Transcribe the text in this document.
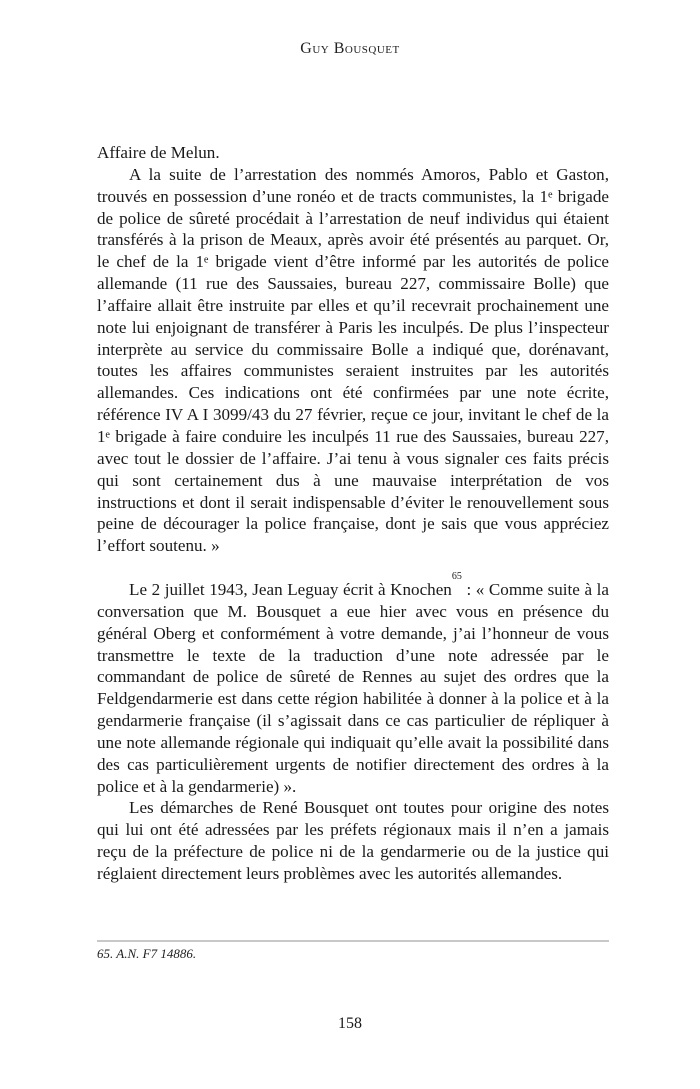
Guy Bousquet

Affaire de Melun.

A la suite de l’arrestation des nommés Amoros, Pablo et Gaston, trouvés en possession d’une ronéo et de tracts communistes, la 1ᵉ brigade de police de sûreté procédait à l’arrestation de neuf individus qui étaient transférés à la prison de Meaux, après avoir été présentés au parquet. Or, le chef de la 1ᵉ brigade vient d’être informé par les autorités de police allemande (11 rue des Saussaies, bureau 227, commissaire Bolle) que l’affaire allait être instruite par elles et qu’il recevrait prochainement une note lui enjoignant de transférer à Paris les inculpés. De plus l’inspecteur interprète au service du commissaire Bolle a indiqué que, dorénavant, toutes les affaires communistes seraient instruites par les autorités allemandes. Ces indications ont été confirmées par une note écrite, référence IV A I 3099/43 du 27 février, reçue ce jour, invitant le chef de la 1ᵉ brigade à faire conduire les inculpés 11 rue des Saussaies, bureau 227, avec tout le dossier de l’affaire. J’ai tenu à vous signaler ces faits précis qui sont certainement dus à une mauvaise interprétation de vos instructions et dont il serait indispensable d’éviter le renouvellement sous peine de décourager la police française, dont je sais que vous appréciez l’effort soutenu. »

Le 2 juillet 1943, Jean Leguay écrit à Knochen$^{65}$ : « Comme suite à la conversation que M. Bousquet a eue hier avec vous en présence du général Oberg et conformément à votre demande, j’ai l’honneur de vous transmettre le texte de la traduction d’une note adressée par le commandant de police de sûreté de Rennes au sujet des ordres que la Feldgendarmerie est dans cette région habilitée à donner à la police et à la gendarmerie française (il s’agissait dans ce cas particulier de répliquer à une note allemande régionale qui indiquait qu’elle avait la possibilité dans des cas particulièrement urgents de notifier directement des ordres à la police et à la gendarmerie) ».

Les démarches de René Bousquet ont toutes pour origine des notes qui lui ont été adressées par les préfets régionaux mais il n’en a jamais reçu de la préfecture de police ni de la gendarmerie ou de la justice qui réglaient directement leurs problèmes avec les autorités allemandes.

65. A.N. F7 14886.
158
